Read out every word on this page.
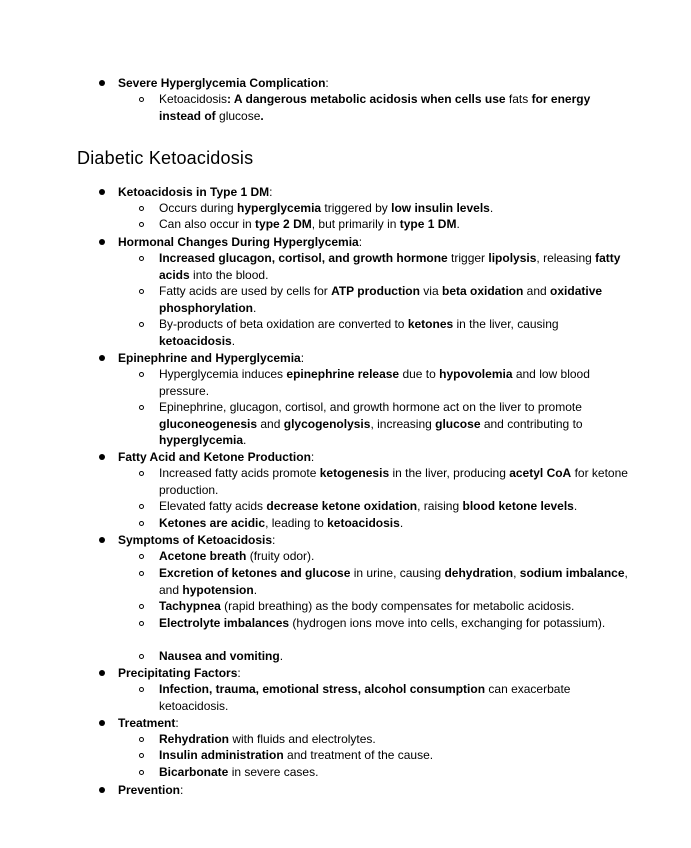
Severe Hyperglycemia Complication:
Ketoacidosis: A dangerous metabolic acidosis when cells use fats for energy instead of glucose.
Diabetic Ketoacidosis
Ketoacidosis in Type 1 DM:
Occurs during hyperglycemia triggered by low insulin levels.
Can also occur in type 2 DM, but primarily in type 1 DM.
Hormonal Changes During Hyperglycemia:
Increased glucagon, cortisol, and growth hormone trigger lipolysis, releasing fatty acids into the blood.
Fatty acids are used by cells for ATP production via beta oxidation and oxidative phosphorylation.
By-products of beta oxidation are converted to ketones in the liver, causing ketoacidosis.
Epinephrine and Hyperglycemia:
Hyperglycemia induces epinephrine release due to hypovolemia and low blood pressure.
Epinephrine, glucagon, cortisol, and growth hormone act on the liver to promote gluconeogenesis and glycogenolysis, increasing glucose and contributing to hyperglycemia.
Fatty Acid and Ketone Production:
Increased fatty acids promote ketogenesis in the liver, producing acetyl CoA for ketone production.
Elevated fatty acids decrease ketone oxidation, raising blood ketone levels.
Ketones are acidic, leading to ketoacidosis.
Symptoms of Ketoacidosis:
Acetone breath (fruity odor).
Excretion of ketones and glucose in urine, causing dehydration, sodium imbalance, and hypotension.
Tachypnea (rapid breathing) as the body compensates for metabolic acidosis.
Electrolyte imbalances (hydrogen ions move into cells, exchanging for potassium).
Nausea and vomiting.
Precipitating Factors:
Infection, trauma, emotional stress, alcohol consumption can exacerbate ketoacidosis.
Treatment:
Rehydration with fluids and electrolytes.
Insulin administration and treatment of the cause.
Bicarbonate in severe cases.
Prevention:
